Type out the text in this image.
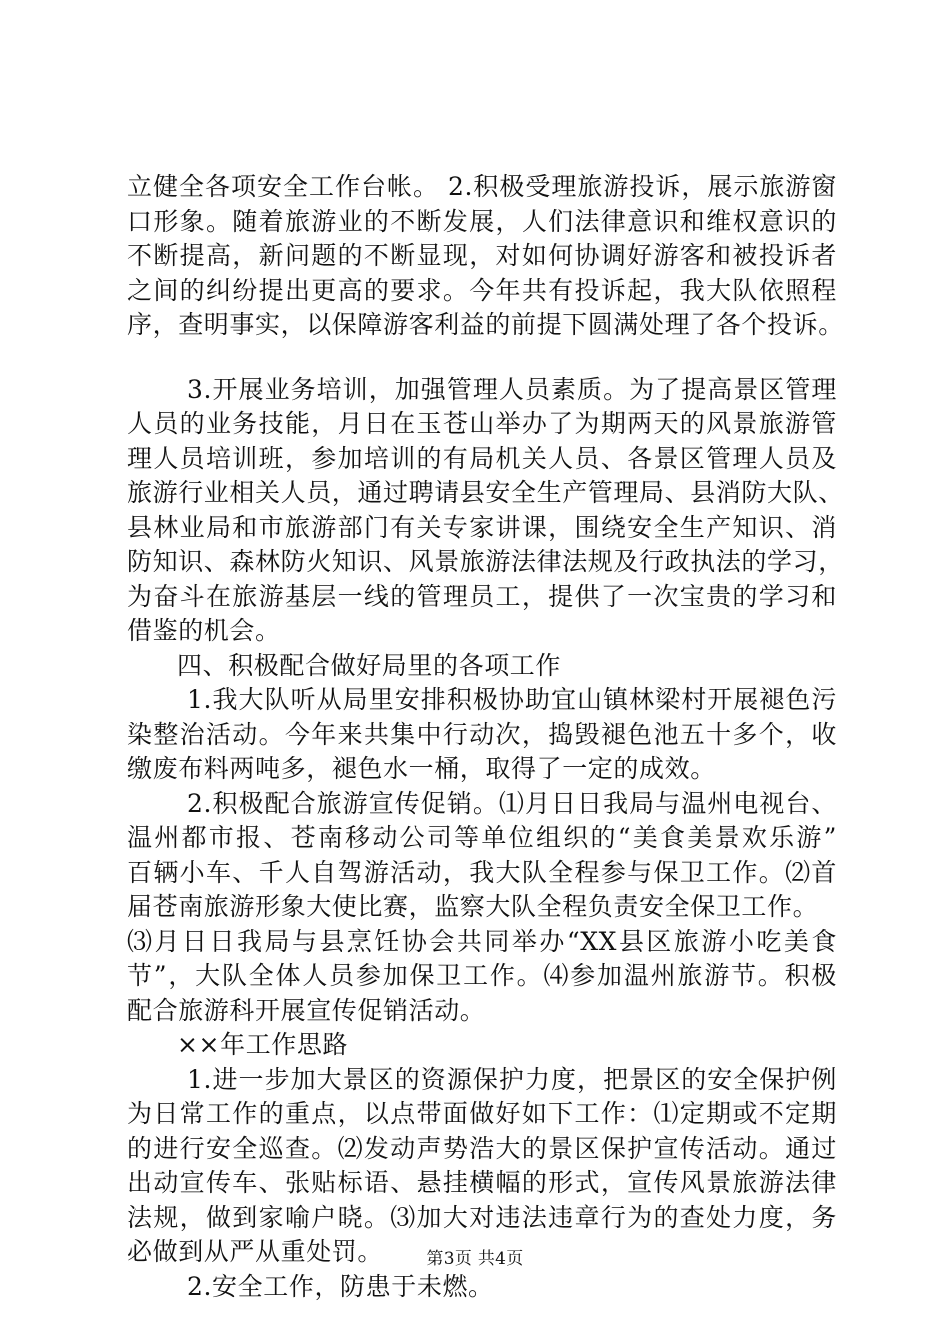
立健全各项安全工作台帐。 2.积极受理旅游投诉，展示旅游窗
口形象。随着旅游业的不断发展，人们法律意识和维权意识的
不断提高，新问题的不断显现，对如何协调好游客和被投诉者
之间的纠纷提出更高的要求。今年共有投诉起，我大队依照程
序，查明事实，以保障游客利益的前提下圆满处理了各个投诉。
3.开展业务培训，加强管理人员素质。为了提高景区管理
人员的业务技能，月日在玉苍山举办了为期两天的风景旅游管
理人员培训班，参加培训的有局机关人员、各景区管理人员及
旅游行业相关人员，通过聘请县安全生产管理局、县消防大队、
县林业局和市旅游部门有关专家讲课，围绕安全生产知识、消
防知识、森林防火知识、风景旅游法律法规及行政执法的学习，
为奋斗在旅游基层一线的管理员工，提供了一次宝贵的学习和
借鉴的机会。
四、积极配合做好局里的各项工作
1.我大队听从局里安排积极协助宜山镇林梁村开展褪色污
染整治活动。今年来共集中行动次，捣毁褪色池五十多个，收
缴废布料两吨多，褪色水一桶，取得了一定的成效。
2.积极配合旅游宣传促销。⑴月日日我局与温州电视台、
温州都市报、苍南移动公司等单位组织的“美食美景欢乐游”
百辆小车、千人自驾游活动，我大队全程参与保卫工作。⑵首
届苍南旅游形象大使比赛，监察大队全程负责安全保卫工作。
⑶月日日我局与县烹饪协会共同举办“XX县区旅游小吃美食
节”，大队全体人员参加保卫工作。⑷参加温州旅游节。积极
配合旅游科开展宣传促销活动。
××年工作思路
1.进一步加大景区的资源保护力度，把景区的安全保护例
为日常工作的重点，以点带面做好如下工作：⑴定期或不定期
的进行安全巡查。⑵发动声势浩大的景区保护宣传活动。通过
出动宣传车、张贴标语、悬挂横幅的形式，宣传风景旅游法律
法规，做到家喻户晓。⑶加大对违法违章行为的查处力度，务
必做到从严从重处罚。
2.安全工作，防患于未燃。
第3页 共4页
